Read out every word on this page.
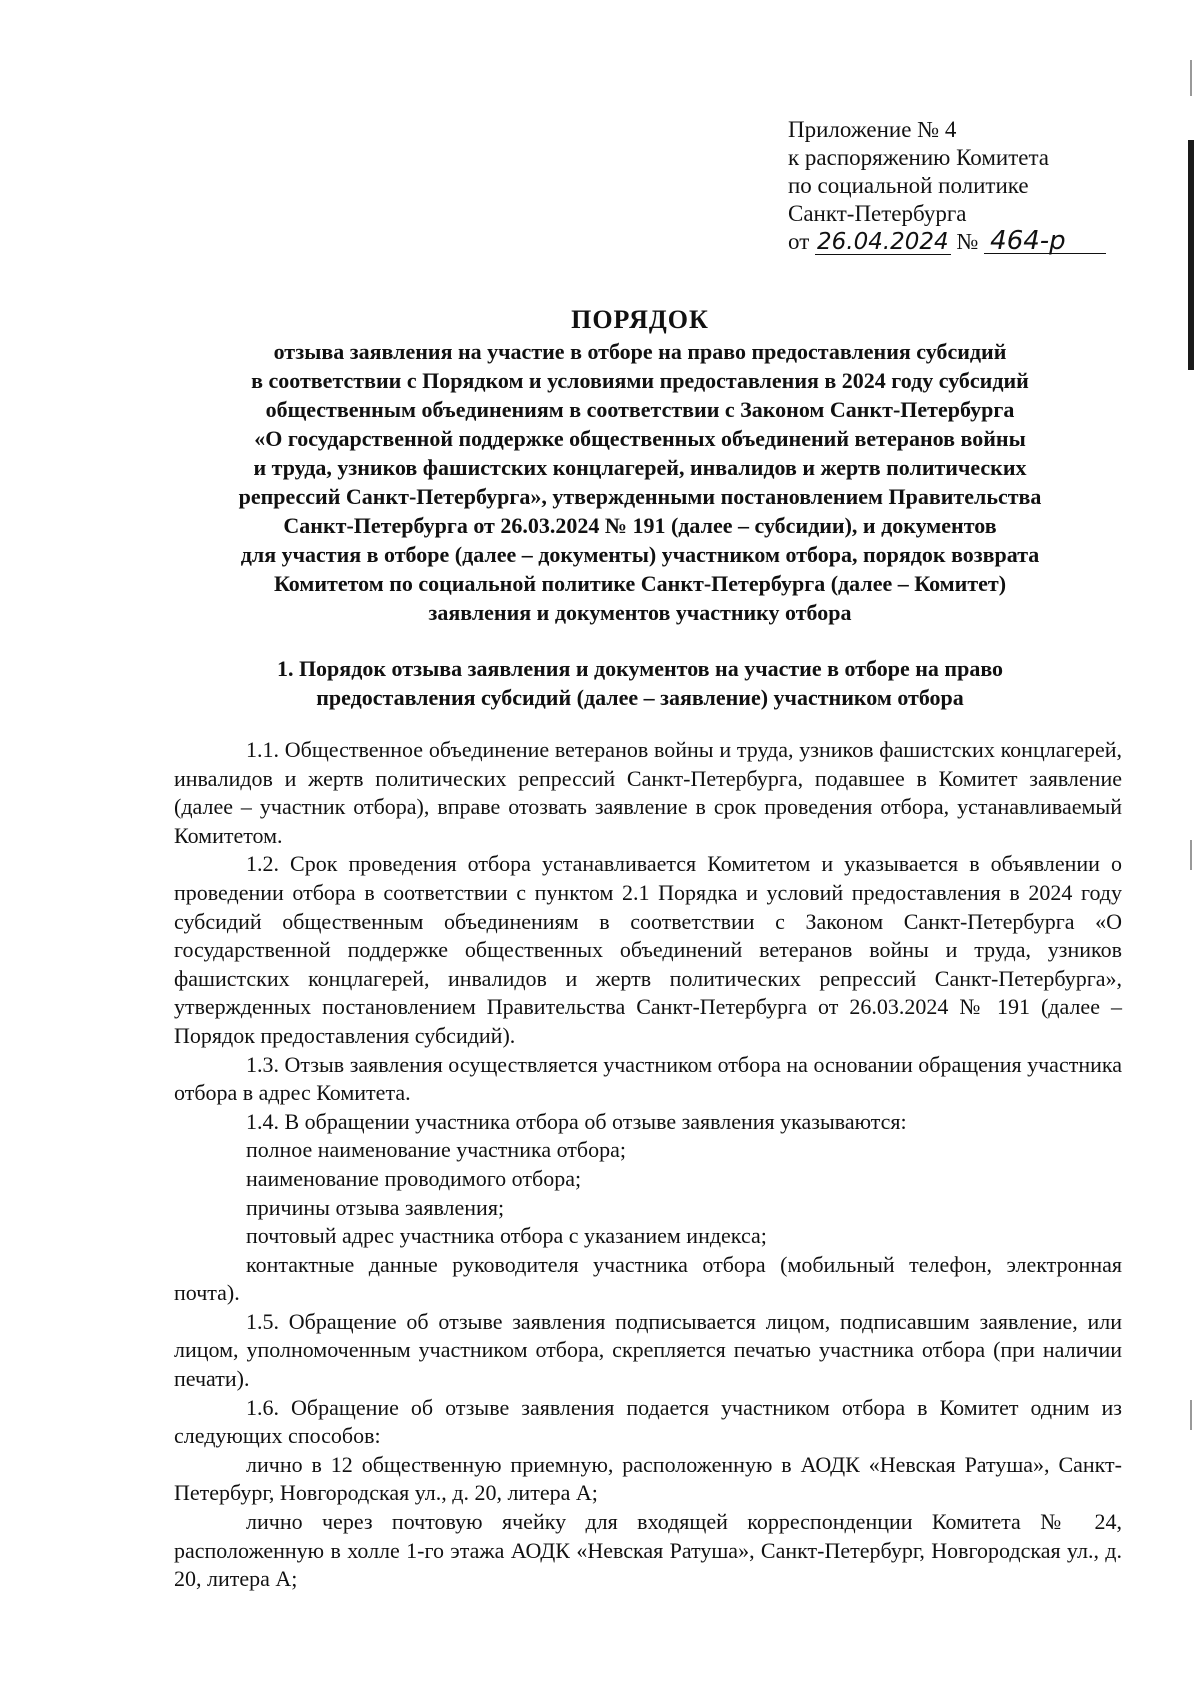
Приложение № 4
к распоряжению Комитета
по социальной политике
Санкт-Петербурга
от 26.04.2024 № 464-р
ПОРЯДОК

отзыва заявления на участие в отборе на право предоставления субсидий

в соответствии с Порядком и условиями предоставления в 2024 году субсидий

общественным объединениям в соответствии с Законом Санкт-Петербурга

«О государственной поддержке общественных объединений ветеранов войны

и труда, узников фашистских концлагерей, инвалидов и жертв политических

репрессий Санкт-Петербурга», утвержденными постановлением Правительства

Санкт-Петербурга от 26.03.2024 № 191 (далее – субсидии), и документов

для участия в отборе (далее – документы) участником отбора, порядок возврата

Комитетом по социальной политике Санкт-Петербурга (далее – Комитет)

заявления и документов участнику отбора

1. Порядок отзыва заявления и документов на участие в отборе на право
предоставления субсидий (далее – заявление) участником отбора

1.1. Общественное объединение ветеранов войны и труда, узников фашистских концлагерей, инвалидов и жертв политических репрессий Санкт-Петербурга, подавшее в Комитет заявление (далее – участник отбора), вправе отозвать заявление в срок проведения отбора, устанавливаемый Комитетом.

1.2. Срок проведения отбора устанавливается Комитетом и указывается в объявлении о проведении отбора в соответствии с пунктом 2.1 Порядка и условий предоставления в 2024 году субсидий общественным объединениям в соответствии с Законом Санкт-Петербурга «О государственной поддержке общественных объединений ветеранов войны и труда, узников фашистских концлагерей, инвалидов и жертв политических репрессий Санкт-Петербурга», утвержденных постановлением Правительства Санкт-Петербурга от 26.03.2024 № 191 (далее – Порядок предоставления субсидий).

1.3. Отзыв заявления осуществляется участником отбора на основании обращения участника отбора в адрес Комитета.

1.4. В обращении участника отбора об отзыве заявления указываются:

полное наименование участника отбора;

наименование проводимого отбора;

причины отзыва заявления;

почтовый адрес участника отбора с указанием индекса;

контактные данные руководителя участника отбора (мобильный телефон, электронная почта).

1.5. Обращение об отзыве заявления подписывается лицом, подписавшим заявление, или лицом, уполномоченным участником отбора, скрепляется печатью участника отбора (при наличии печати).

1.6. Обращение об отзыве заявления подается участником отбора в Комитет одним из следующих способов:

лично в 12 общественную приемную, расположенную в АОДК «Невская Ратуша», Санкт-Петербург, Новгородская ул., д. 20, литера А;

лично через почтовую ячейку для входящей корреспонденции Комитета № 24, расположенную в холле 1-го этажа АОДК «Невская Ратуша», Санкт-Петербург, Новгородская ул., д. 20, литера А;
